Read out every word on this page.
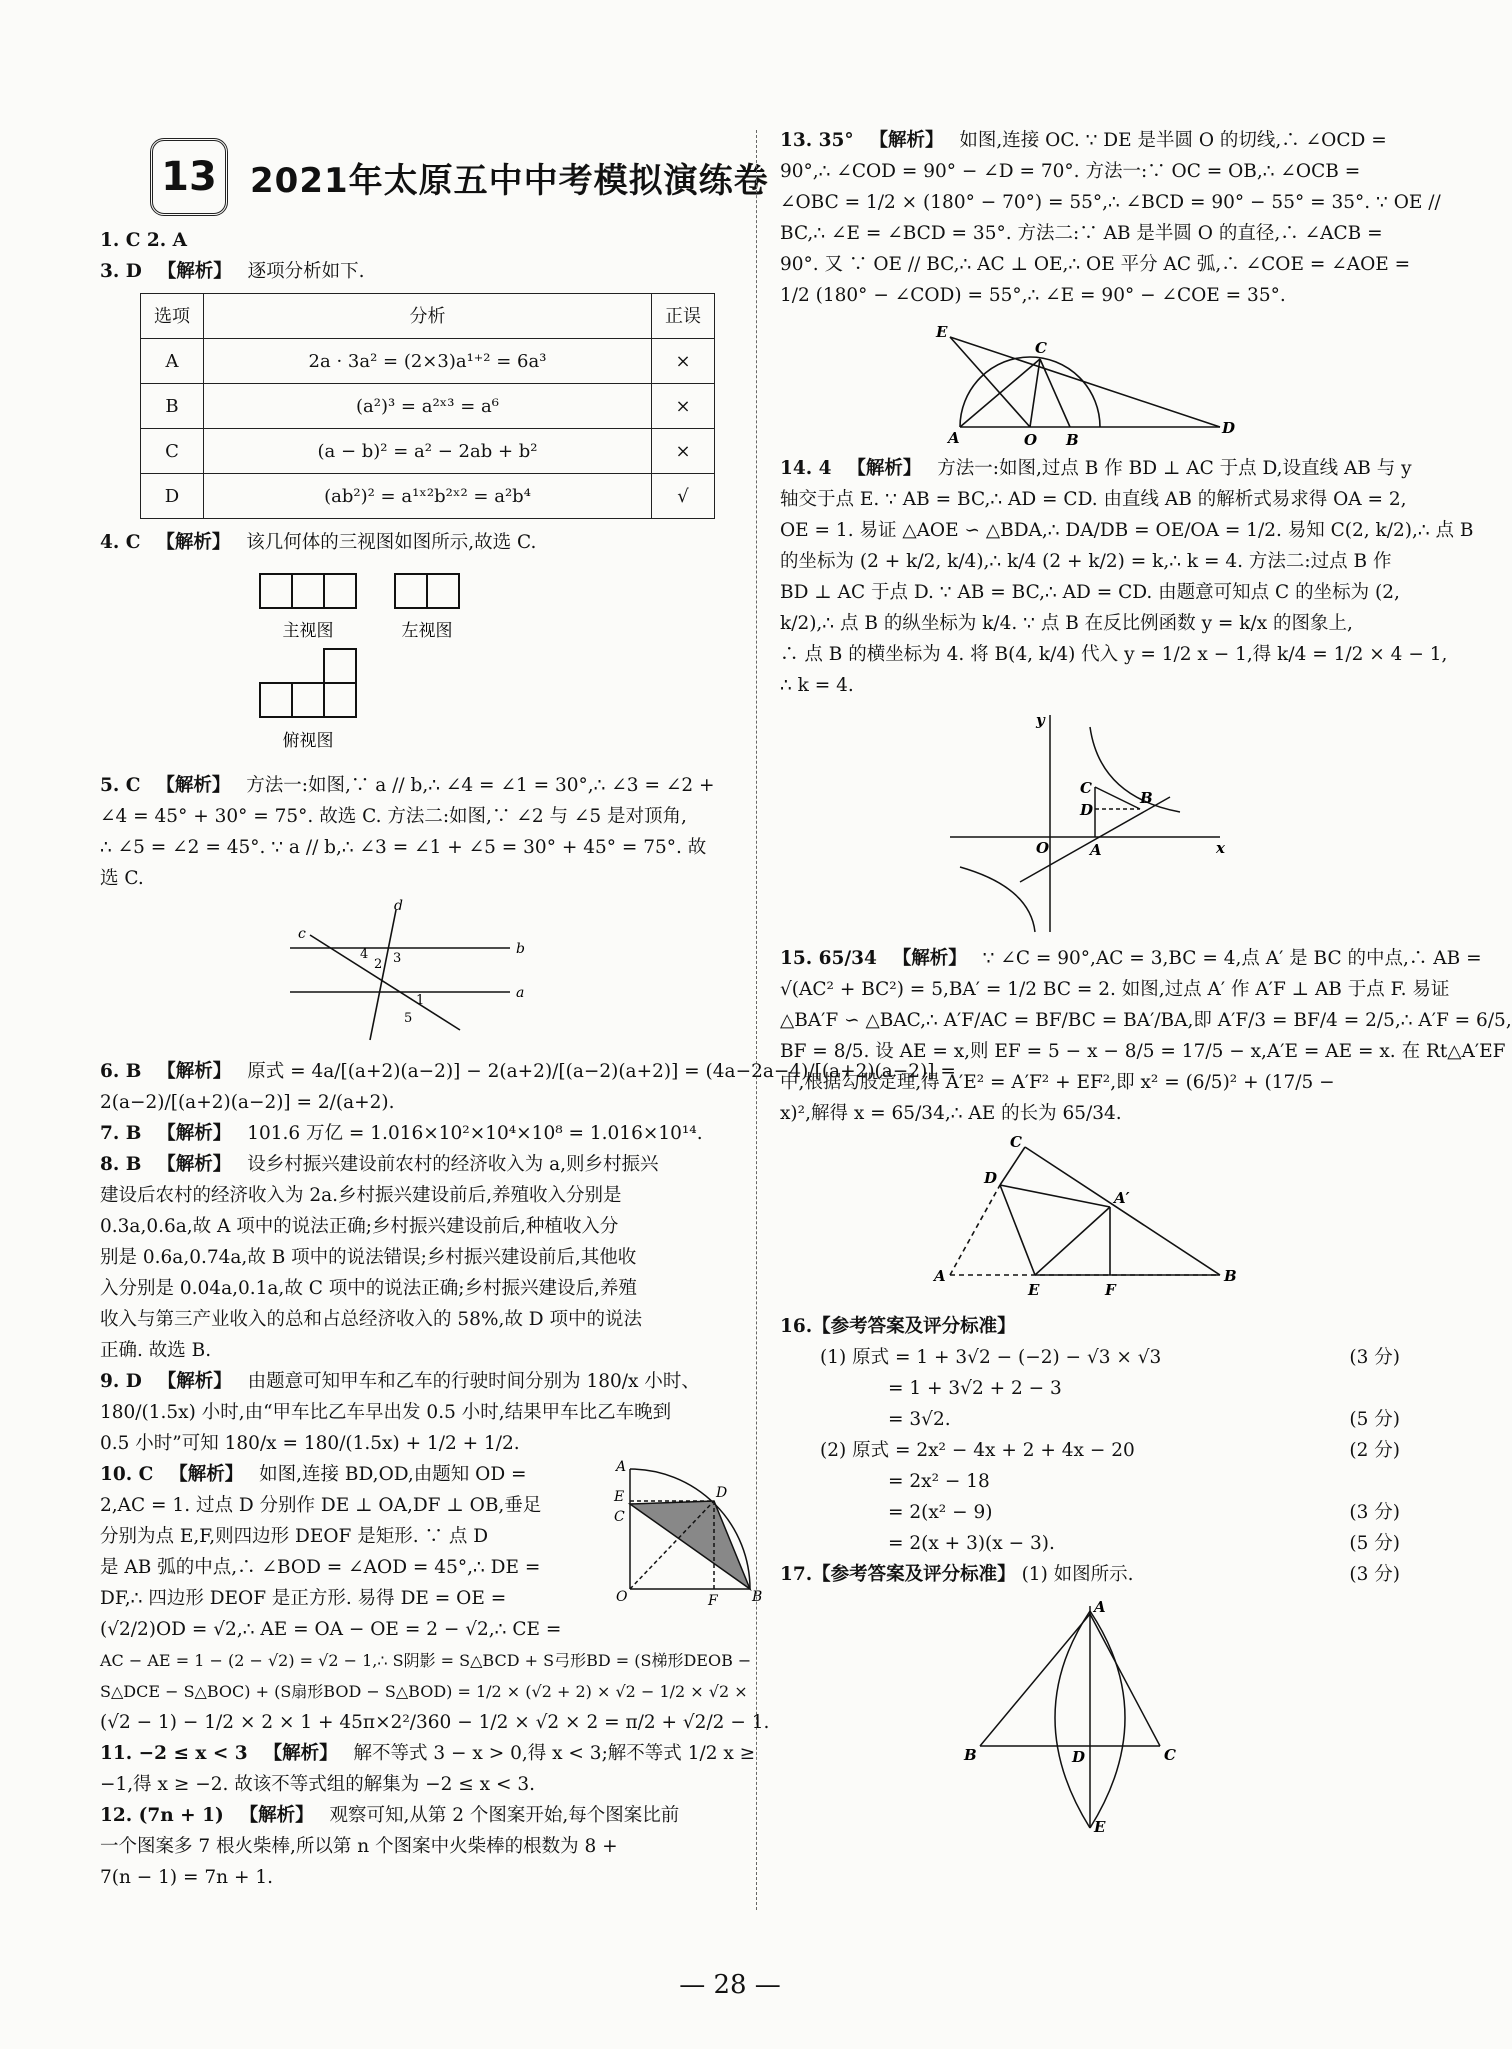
13 2021年太原五中中考模拟演练卷
1. C 2. A
3. D 【解析】 逐项分析如下.
选项	分析	正误
A	2a · 3a² = (2×3)a¹⁺² = 6a³	×
B	(a²)³ = a²ˣ³ = a⁶	×
C	(a − b)² = a² − 2ab + b²	×
D	(ab²)² = a¹ˣ²b²ˣ² = a²b⁴	√
4. C 【解析】 该几何体的三视图如图所示,故选 C.
主视图	左视图
俯视图
5. C 【解析】 方法一:如图,∵ a // b,∴ ∠4 = ∠1 = 30°,∴ ∠3 = ∠2 +
∠4 = 45° + 30° = 75°. 故选 C. 方法二:如图,∵ ∠2 与 ∠5 是对顶角,
∴ ∠5 = ∠2 = 45°. ∵ a // b,∴ ∠3 = ∠1 + ∠5 = 30° + 45° = 75°. 故
选 C.
d
c
b
a
4
2 3
1
5
6. B 【解析】 原式 = 4a/[(a+2)(a−2)] − 2(a+2)/[(a−2)(a+2)] = (4a−2a−4)/[(a+2)(a−2)] =
2(a−2)/[(a+2)(a−2)] = 2/(a+2).
7. B 【解析】 101.6 万亿 = 1.016×10²×10⁴×10⁸ = 1.016×10¹⁴.
8. B 【解析】 设乡村振兴建设前农村的经济收入为 a,则乡村振兴
建设后农村的经济收入为 2a.乡村振兴建设前后,养殖收入分别是
0.3a,0.6a,故 A 项中的说法正确;乡村振兴建设前后,种植收入分
别是 0.6a,0.74a,故 B 项中的说法错误;乡村振兴建设前后,其他收
入分别是 0.04a,0.1a,故 C 项中的说法正确;乡村振兴建设后,养殖
收入与第三产业收入的总和占总经济收入的 58%,故 D 项中的说法
正确. 故选 B.
9. D 【解析】 由题意可知甲车和乙车的行驶时间分别为 180/x 小时、
180/(1.5x) 小时,由“甲车比乙车早出发 0.5 小时,结果甲车比乙车晚到
0.5 小时”可知 180/x = 180/(1.5x) + 1/2 + 1/2.
A
D
C
E
O	F B
10. C 【解析】 如图,连接 BD,OD,由题知 OD =
2,AC = 1. 过点 D 分别作 DE ⊥ OA,DF ⊥ OB,垂足
分别为点 E,F,则四边形 DEOF 是矩形. ∵ 点 D
是 AB 弧的中点,∴ ∠BOD = ∠AOD = 45°,∴ DE =
DF,∴ 四边形 DEOF 是正方形. 易得 DE = OE =
(√2/2)OD = √2,∴ AE = OA − OE = 2 − √2,∴ CE =
AC − AE = 1 − (2 − √2) = √2 − 1,∴ S阴影 = S△BCD + S弓形BD = (S梯形DEOB −
S△DCE − S△BOC) + (S扇形BOD − S△BOD) = 1/2 × (√2 + 2) × √2 − 1/2 × √2 ×
(√2 − 1) − 1/2 × 2 × 1 + 45π×2²/360 − 1/2 × √2 × 2 = π/2 + √2/2 − 1.
11. −2 ≤ x < 3 【解析】 解不等式 3 − x > 0,得 x < 3;解不等式 1/2 x ≥
−1,得 x ≥ −2. 故该不等式组的解集为 −2 ≤ x < 3.
12. (7n + 1) 【解析】 观察可知,从第 2 个图案开始,每个图案比前
一个图案多 7 根火柴棒,所以第 n 个图案中火柴棒的根数为 8 +
7(n − 1) = 7n + 1.
13. 35° 【解析】 如图,连接 OC. ∵ DE 是半圆 O 的切线,∴ ∠OCD =
90°,∴ ∠COD = 90° − ∠D = 70°. 方法一:∵ OC = OB,∴ ∠OCB =
∠OBC = 1/2 × (180° − 70°) = 55°,∴ ∠BCD = 90° − 55° = 35°. ∵ OE //
BC,∴ ∠E = ∠BCD = 35°. 方法二:∵ AB 是半圆 O 的直径,∴ ∠ACB =
90°. 又 ∵ OE // BC,∴ AC ⊥ OE,∴ OE 平分 AC 弧,∴ ∠COE = ∠AOE =
1/2 (180° − ∠COD) = 55°,∴ ∠E = 90° − ∠COE = 35°.
E
C
A	O B
D
14. 4 【解析】 方法一:如图,过点 B 作 BD ⊥ AC 于点 D,设直线 AB 与 y
轴交于点 E. ∵ AB = BC,∴ AD = CD. 由直线 AB 的解析式易求得 OA = 2,
OE = 1. 易证 △AOE ∽ △BDA,∴ DA/DB = OE/OA = 1/2. 易知 C(2, k/2),∴ 点 B
的坐标为 (2 + k/2, k/4),∴ k/4 (2 + k/2) = k,∴ k = 4. 方法二:过点 B 作
BD ⊥ AC 于点 D. ∵ AB = BC,∴ AD = CD. 由题意可知点 C 的坐标为 (2,
k/2),∴ 点 B 的纵坐标为 k/4. ∵ 点 B 在反比例函数 y = k/x 的图象上,
∴ 点 B 的横坐标为 4. 将 B(4, k/4) 代入 y = 1/2 x − 1,得 k/4 = 1/2 × 4 − 1,
∴ k = 4.
y
C
D
B
O	A	x
15. 65/34 【解析】 ∵ ∠C = 90°,AC = 3,BC = 4,点 A′ 是 BC 的中点,∴ AB =
√(AC² + BC²) = 5,BA′ = 1/2 BC = 2. 如图,过点 A′ 作 A′F ⊥ AB 于点 F. 易证
△BA′F ∽ △BAC,∴ A′F/AC = BF/BC = BA′/BA,即 A′F/3 = BF/4 = 2/5,∴ A′F = 6/5,
BF = 8/5. 设 AE = x,则 EF = 5 − x − 8/5 = 17/5 − x,A′E = AE = x. 在 Rt△A′EF
中,根据勾股定理,得 A′E² = A′F² + EF²,即 x² = (6/5)² + (17/5 −
x)²,解得 x = 65/34,∴ AE 的长为 65/34.
C
D
A′
A
E	F
B
16.【参考答案及评分标准】
(1) 原式 = 1 + 3√2 − (−2) − √3 × √3	(3 分)
= 1 + 3√2 + 2 − 3
= 3√2.	(5 分)
(2) 原式 = 2x² − 4x + 2 + 4x − 20	(2 分)
= 2x² − 18
= 2(x² − 9)	(3 分)
= 2(x + 3)(x − 3).	(5 分)
17.【参考答案及评分标准】 (1) 如图所示.	(3 分)
A
B	D	C
E
— 28 —
